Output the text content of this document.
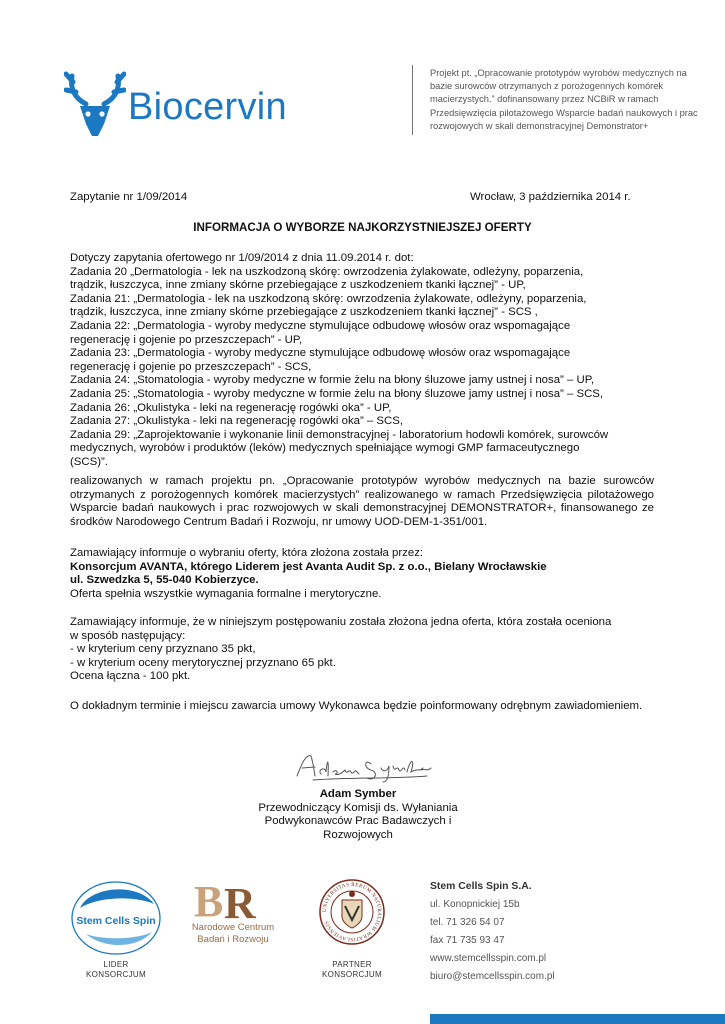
Biocervin
Projekt pt. „Opracowanie prototypów wyrobów medycznych na bazie surowców otrzymanych z porożogennych komórek macierzystych.” dofinansowany przez NCBiR w ramach Przedsięwzięcia pilotażowego Wsparcie badań naukowych i prac rozwojowych w skali demonstracyjnej Demonstrator+
Zapytanie nr 1/09/2014	Wrocław, 3 października 2014 r.
INFORMACJA O WYBORZE NAJKORZYSTNIEJSZEJ OFERTY
Dotyczy zapytania ofertowego nr 1/09/2014 z dnia 11.09.2014 r. dot:
Zadania 20 „Dermatologia - lek na uszkodzoną skórę: owrzodzenia żylakowate, odleżyny, poparzenia,
trądzik, łuszczyca, inne zmiany skórne przebiegające z uszkodzeniem tkanki łącznej” - UP,
Zadania 21: „Dermatologia - lek na uszkodzoną skórę: owrzodzenia żylakowate, odleżyny, poparzenia,
trądzik, łuszczyca, inne zmiany skórne przebiegające z uszkodzeniem tkanki łącznej” - SCS ,
Zadania 22: „Dermatologia - wyroby medyczne stymulujące odbudowę włosów oraz wspomagające
regenerację i gojenie po przeszczepach” - UP,
Zadania 23: „Dermatologia - wyroby medyczne stymulujące odbudowę włosów oraz wspomagające
regenerację i gojenie po przeszczepach” - SCS,
Zadania 24: „Stomatologia - wyroby medyczne w formie żelu na błony śluzowe jamy ustnej i nosa” – UP,
Zadania 25: „Stomatologia - wyroby medyczne w formie żelu na błony śluzowe jamy ustnej i nosa” – SCS,
Zadania 26: „Okulistyka - leki na regenerację rogówki oka” - UP,
Zadania 27: „Okulistyka - leki na regenerację rogówki oka” – SCS,
Zadania 29: „Zaprojektowanie i wykonanie linii demonstracyjnej - laboratorium hodowli komórek, surowców
medycznych, wyrobów i produktów (leków) medycznych spełniające wymogi GMP farmaceutycznego
(SCS)”.
realizowanych w ramach projektu pn. „Opracowanie prototypów wyrobów medycznych na bazie surowców otrzymanych z porożogennych komórek macierzystych” realizowanego w ramach Przedsięwzięcia pilotażowego Wsparcie badań naukowych i prac rozwojowych w skali demonstracyjnej DEMONSTRATOR+, finansowanego ze środków Narodowego Centrum Badań i Rozwoju, nr umowy UOD-DEM-1-351/001.
Zamawiający informuje o wybraniu oferty, która złożona została przez:
Konsorcjum AVANTA, którego Liderem jest Avanta Audit Sp. z o.o., Bielany Wrocławskie
ul. Szwedzka 5, 55-040 Kobierzyce.
Oferta spełnia wszystkie wymagania formalne i merytoryczne.
Zamawiający informuje, że w niniejszym postępowaniu została złożona jedna oferta, która została oceniona
w sposób następujący:
- w kryterium ceny przyznano 35 pkt,
- w kryterium oceny merytorycznej przyznano 65 pkt.
Ocena łączna - 100 pkt.
O dokładnym terminie i miejscu zawarcia umowy Wykonawca będzie poinformowany odrębnym zawiadomieniem.
Adam Symber
Przewodniczący Komisji ds. Wyłaniania
Podwykonawców Prac Badawczych i
Rozwojowych
Stem Cells Spin
LIDER
KONSORCJUM
B R
Narodowe Centrum
Badań i Rozwoju
UNIVERSITAS RERUM NATURALIUM WRATISLAVIENSIS
PARTNER
KONSORCJUM
Stem Cells Spin S.A.
ul. Konopnickiej 15b
tel. 71 326 54 07
fax 71 735 93 47
www.stemcellsspin.com.pl
biuro@stemcellsspin.com.pl
